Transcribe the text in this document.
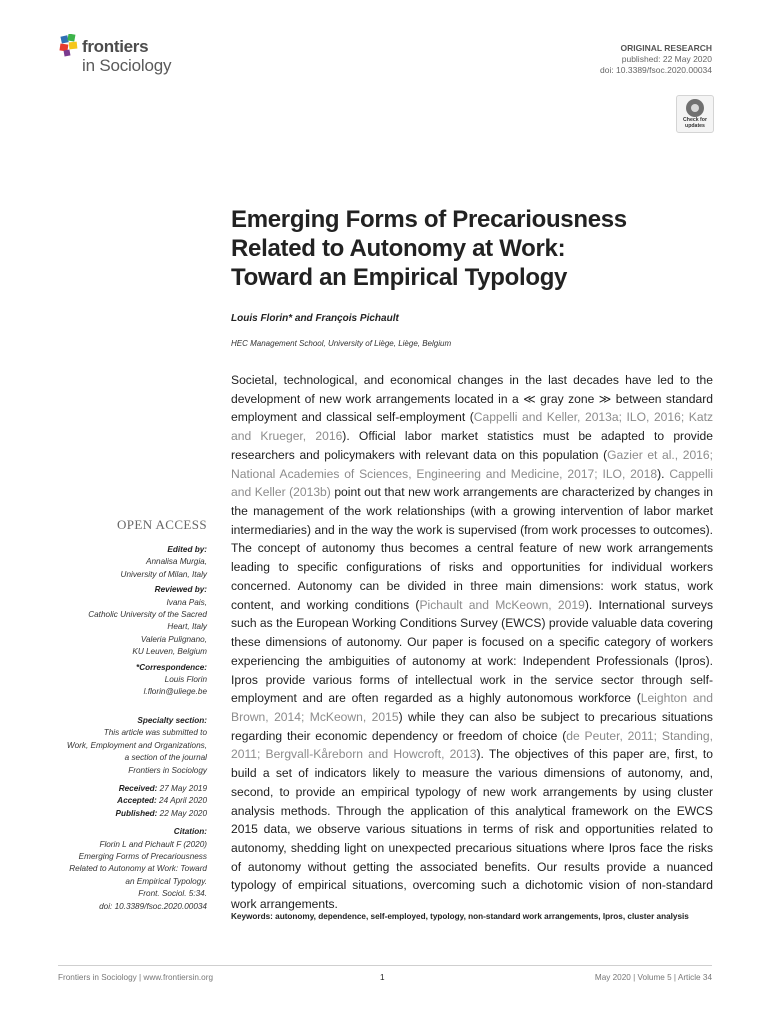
frontiers
in Sociology
ORIGINAL RESEARCH
published: 22 May 2020
doi: 10.3389/fsoc.2020.00034
Check for
updates
Emerging Forms of Precariousness
Related to Autonomy at Work:
Toward an Empirical Typology
Louis Florin* and François Pichault
HEC Management School, University of Liège, Liège, Belgium
Societal, technological, and economical changes in the last decades have led to the development of new work arrangements located in a ≪ gray zone ≫ between standard employment and classical self-employment (Cappelli and Keller, 2013a; ILO, 2016; Katz and Krueger, 2016). Official labor market statistics must be adapted to provide researchers and policymakers with relevant data on this population (Gazier et al., 2016; National Academies of Sciences, Engineering and Medicine, 2017; ILO, 2018). Cappelli and Keller (2013b) point out that new work arrangements are characterized by changes in the management of the work relationships (with a growing intervention of labor market intermediaries) and in the way the work is supervised (from work processes to outcomes). The concept of autonomy thus becomes a central feature of new work arrangements leading to specific configurations of risks and opportunities for individual workers concerned. Autonomy can be divided in three main dimensions: work status, work content, and working conditions (Pichault and McKeown, 2019). International surveys such as the European Working Conditions Survey (EWCS) provide valuable data covering these dimensions of autonomy. Our paper is focused on a specific category of workers experiencing the ambiguities of autonomy at work: Independent Professionals (Ipros). Ipros provide various forms of intellectual work in the service sector through self-employment and are often regarded as a highly autonomous workforce (Leighton and Brown, 2014; McKeown, 2015) while they can also be subject to precarious situations regarding their economic dependency or freedom of choice (de Peuter, 2011; Standing, 2011; Bergvall-Kåreborn and Howcroft, 2013). The objectives of this paper are, first, to build a set of indicators likely to measure the various dimensions of autonomy, and, second, to provide an empirical typology of new work arrangements by using cluster analysis methods. Through the application of this analytical framework on the EWCS 2015 data, we observe various situations in terms of risk and opportunities related to autonomy, shedding light on unexpected precarious situations where Ipros face the risks of autonomy without getting the associated benefits. Our results provide a nuanced typology of empirical situations, overcoming such a dichotomic vision of non-standard work arrangements.
Keywords: autonomy, dependence, self-employed, typology, non-standard work arrangements, Ipros, cluster analysis
OPEN ACCESS
Edited by:
Annalisa Murgia,
University of Milan, Italy
Reviewed by:
Ivana Pais,
Catholic University of the Sacred
Heart, Italy
Valeria Pulignano,
KU Leuven, Belgium
*Correspondence:
Louis Florin
l.florin@uliege.be
Specialty section:
This article was submitted to
Work, Employment and Organizations,
a section of the journal
Frontiers in Sociology
Received: 27 May 2019
Accepted: 24 April 2020
Published: 22 May 2020
Citation:
Florin L and Pichault F (2020)
Emerging Forms of Precariousness
Related to Autonomy at Work: Toward
an Empirical Typology.
Front. Sociol. 5:34.
doi: 10.3389/fsoc.2020.00034
Frontiers in Sociology | www.frontiersin.org	1	May 2020 | Volume 5 | Article 34
